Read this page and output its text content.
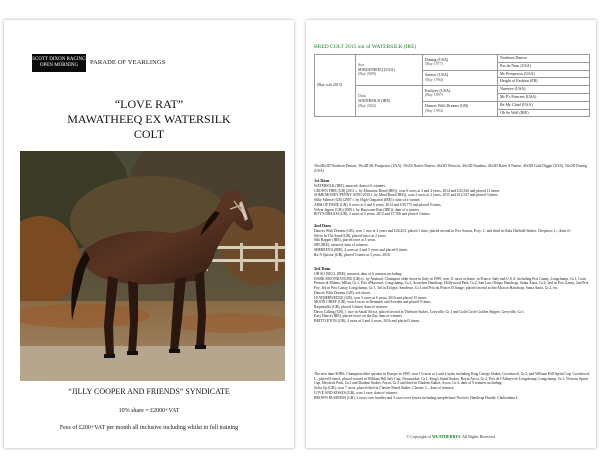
SCOTT DIXON RACING
OPEN MORNING	PARADE OF YEARLINGS
“LOVE RAT”
MAWATHEEQ EX WATERSILK
COLT
“JILLY COOPER AND FRIENDS” SYNDICATE
10% share = £2000+VAT
Fees of £200+VAT per month all inclusive including whilst in full training
BRED COLT 2015 out of WATERSILK (IRE)
(Bay colt 2015)	Sire
MAWATHEEQ (USA)
(Bay 2009)	Danzig (USA)
(Bay 1977)	Northern Dancer
			Pas de Nom (USA)
		Sarayir (USA)
(Bay 1994)	Mr Prospector (USA)
			Height of Fashion (FR)

	Dam
WATERSILK (IRE)
(Bay 2002)	Fasliyev (USA)
(Bay 1997)	Nureyev (USA)
			Mr P's Princess (USA)
		Dances With Dreams (GB)
(Bay 1994)	Be My Chief (USA)
			Oh So Well (IRE)
5Sx4Dx5D Northern Dancer, 5Sx4D Mr Prospector (USA), 5Sx5S Native Dancer, 4Sx5D Nearctic, 4Sx5D Natalma, 4Sx5D Raise A Native, 4Sx5D Gold Digger (USA), 5Sx5D Danzig (USA)
1st Dam

WATERSILK (IRE), unraced; dam of 6 winners:

CROWN FIRE (GB) (2011 c. by Monsieur Bond (IRE)), won 6 races at 3 and 4 years, 2014 and £43,320 and placed 11 times.

SOME MONEY/PENNY ANN (2010 f. by Mind Bond (IRE)), won 2 races at 2 years, 2015 and £12,547 and placed 3 times.

Silky Silence (GB) (2007 f. by High Chaparral (IRE)): dam of a winner.

ARM OF FAME (GB), 6 races at 5 and 6 years, 2014 and £39,775 and placed 9 times.

Velvet Jaguar (GB) (2009 f. by Hurricane Run (IRE)): dam of a winner.

ROY'S DREAM (GB), 2 races at 2 years, 2015 and £7,766 and placed 3 times.

2nd Dam

Dances With Dreams (GB), won 1 race at 2 years and £26,453, placed 1 time, placed second in Prix Saraca, Evry, L. and third in Oaks Daffodil Stakes, Chepstow, L.; dam of:

Silver In The Sand (GB), placed twice at 2 years.

Silk Rapper (IRE), placed once at 3 years.

SIB (IRE), unraced; dam of winners:

SHEREENA (IRE), 4 races at 4 and 5 years and placed 6 times.

Ra-A Quistor (GB), placed 3 times at 3 years, 2016.

3rd Dam

OH SO WELL (IRE), unraced; dam of 6 winners including:

DARK MOONDANCER (GB) (c. by Anshan). Champion older horse in Italy in 1999, won 11 races at home, in France, Italy and U.S.A. including Prix Ganay, Longchamp, Gr.1, Gran Premio di Milano, Milan, Gr.1, Prix d'Harcourt, Longchamp, Gr.2, Arcachon Handicap, Hollywood Park, Gr.2, San Luis Obispo Handicap, Santa Anita, Gr.2; 2nd in Prix Ganay, 2nd Prix Foy, 3rd in Prix Ganay, Longchamp, Gr.1, 3rd in Eclipse, Sandown, Gr.1 and Prix du Prince d'Orange; placed second in San Marcos Handicap, Santa Anita, Gr.2, etc.

Dances With Dreams (GB), see above.

LEATHERWEDGE (GB), won 5 races at 6 years, 2016 and placed 15 times.

MOON CHIEF (GB), won 4 races in Denmark and Sweden and placed 9 times.

Raquetiella (GB), placed 3 times; dam of winners.

Dawn Calling (GB), 1 race in Saudi Africa, placed second in Thebinte Stakes, Grayville, Gr.1 and Gold Circle Golden Slipper, Greyville, Gr.1.

Easy Dance (IRE), placed twice on the flat; dam of winners.

BRITTLETON (GB), 4 races at 3 and 4 years, 2016 and placed 5 times.

The next dam SORS, Champion older sprinter in Europe in 1985, won 13 races at 2 and 4 years including King George Stakes, Goodwood, Gr.3, and William Hill Sprint Cup, Goodwood, L., placed 8 times, placed second in William Hill July Cup, Newmarket, Gr.1, King's Stand Stakes, Royal Ascot, Gr.2, Prix de l'Abbaye de Longchamp, Longchamp, Gr.1, Vernons Sprint Cup, Haydock Park, Gr.2 and Diadem Stakes, Ascot, Gr.3 and third in Diadem Stakes, Ascot, Gr.3; dam of 9 winners including:

Softa Up (GB), won 7 races, placed third in Chester Rated Stakes, Chester, L., dam of winners.

LOVE AND KISSES (GB), won 1 race; dam of winners.

BROWN BUSINESS (GB), 2 races over hurdles and 3 races over fences including steeplechase Novices' Handicap Hurdle, Cheltenham L.

© Copyright of WEATHERBYS. All Rights Reserved.
